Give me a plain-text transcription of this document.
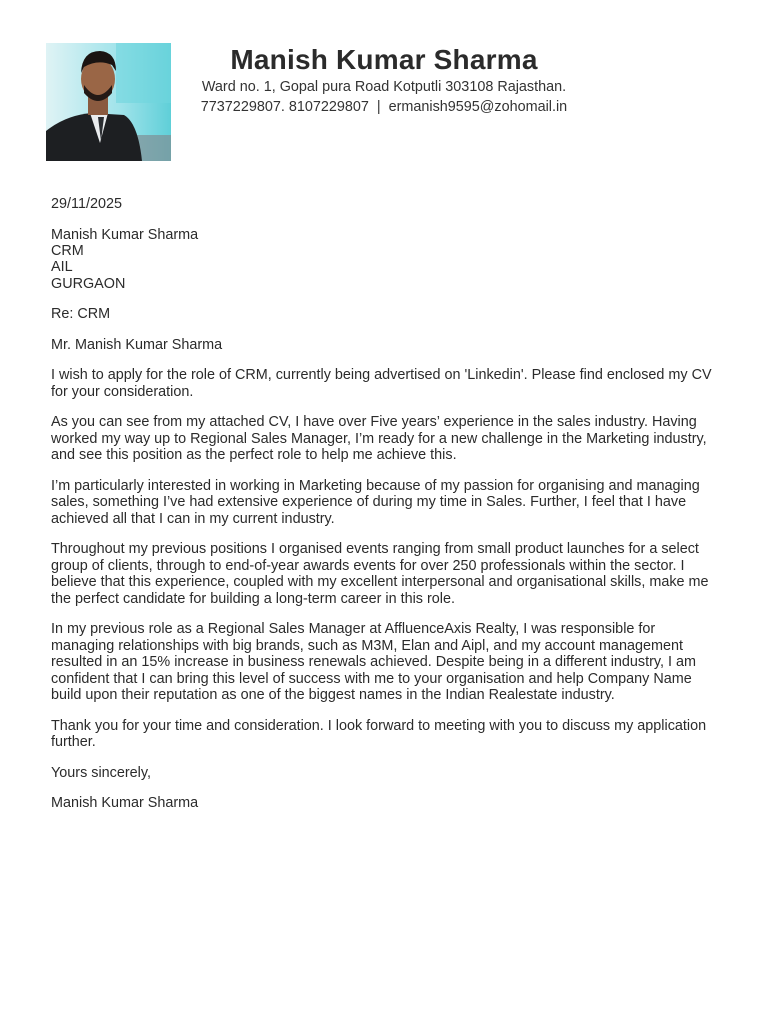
Manish Kumar Sharma
Ward no. 1, Gopal pura Road Kotputli 303108 Rajasthan.
7737229807. 8107229807  |  ermanish9595@zohomail.in
29/11/2025
Manish Kumar Sharma
CRM
AIL
GURGAON

Re: CRM

Mr. Manish Kumar Sharma

I wish to apply for the role of CRM, currently being advertised on 'Linkedin'. Please find enclosed my CV for your consideration.

As you can see from my attached CV, I have over Five years’ experience in the sales industry. Having worked my way up to Regional Sales Manager, I’m ready for a new challenge in the Marketing industry, and see this position as the perfect role to help me achieve this.

I’m particularly interested in working in Marketing because of my passion for organising and managing sales, something I’ve had extensive experience of during my time in Sales. Further, I feel that I have achieved all that I can in my current industry.

Throughout my previous positions I organised events ranging from small product launches for a select group of clients, through to end-of-year awards events for over 250 professionals within the sector. I believe that this experience, coupled with my excellent interpersonal and organisational skills, make me the perfect candidate for building a long-term career in this role.

In my previous role as a Regional Sales Manager at AffluenceAxis Realty, I was responsible for managing relationships with big brands, such as M3M, Elan and Aipl, and my account management resulted in an 15% increase in business renewals achieved. Despite being in a different industry, I am confident that I can bring this level of success with me to your organisation and help Company Name build upon their reputation as one of the biggest names in the Indian Realestate industry.

Thank you for your time and consideration. I look forward to meeting with you to discuss my application further.

Yours sincerely,

Manish Kumar Sharma
